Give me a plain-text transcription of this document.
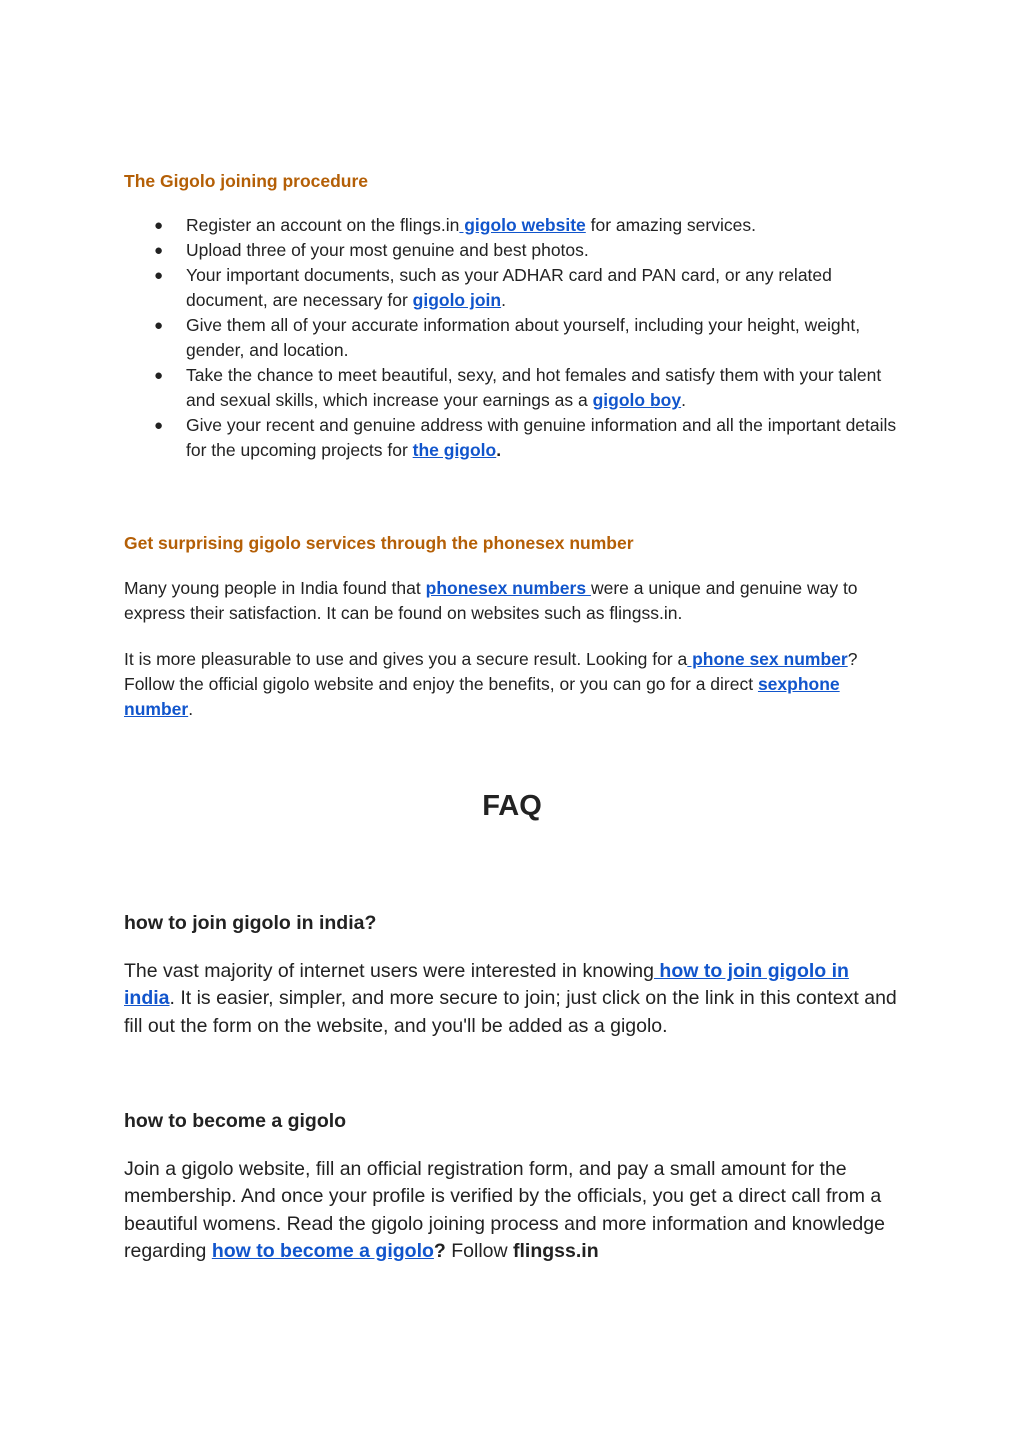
The Gigolo joining procedure
● Register an account on the flings.in gigolo website for amazing services.
● Upload three of your most genuine and best photos.
● Your important documents, such as your ADHAR card and PAN card, or any related document, are necessary for gigolo join.
● Give them all of your accurate information about yourself, including your height, weight, gender, and location.
● Take the chance to meet beautiful, sexy, and hot females and satisfy them with your talent and sexual skills, which increase your earnings as a gigolo boy.
● Give your recent and genuine address with genuine information and all the important details for the upcoming projects for the gigolo.
Get surprising gigolo services through the phonesex number

Many young people in India found that phonesex numbers were a unique and genuine way to express their satisfaction. It can be found on websites such as flingss.in.

It is more pleasurable to use and gives you a secure result. Looking for a phone sex number? Follow the official gigolo website and enjoy the benefits, or you can go for a direct sexphone number.

FAQ
how to join gigolo in india?

The vast majority of internet users were interested in knowing how to join gigolo in india. It is easier, simpler, and more secure to join; just click on the link in this context and fill out the form on the website, and you'll be added as a gigolo.

how to become a gigolo

Join a gigolo website, fill an official registration form, and pay a small amount for the membership. And once your profile is verified by the officials, you get a direct call from a beautiful womens. Read the gigolo joining process and more information and knowledge regarding how to become a gigolo? Follow flingss.in
